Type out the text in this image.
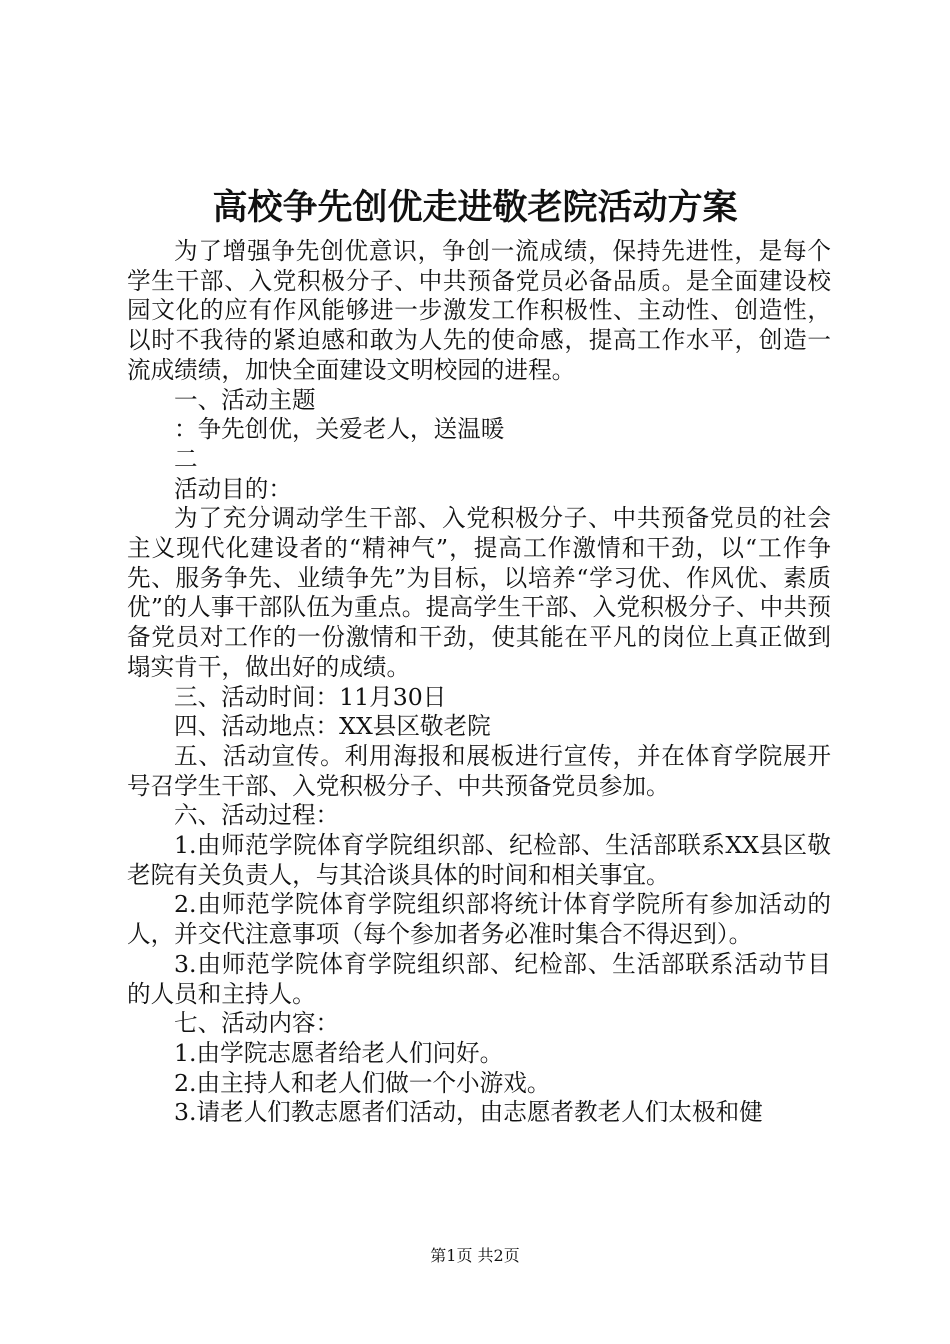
高校争先创优走进敬老院活动方案

为了增强争先创优意识，争创一流成绩，保持先进性，是每个学生干部、入党积极分子、中共预备党员必备品质。是全面建设校园文化的应有作风能够进一步激发工作积极性、主动性、创造性，以时不我待的紧迫感和敢为人先的使命感，提高工作水平，创造一流成绩绩，加快全面建设文明校园的进程。

一、活动主题

：争先创优，关爱老人，送温暖

二

活动目的：

为了充分调动学生干部、入党积极分子、中共预备党员的社会主义现代化建设者的“精神气”，提高工作激情和干劲，以“工作争先、服务争先、业绩争先”为目标，以培养“学习优、作风优、素质优”的人事干部队伍为重点。提高学生干部、入党积极分子、中共预备党员对工作的一份激情和干劲，使其能在平凡的岗位上真正做到塌实肯干，做出好的成绩。

三、活动时间：11月30日

四、活动地点：XX县区敬老院

五、活动宣传。利用海报和展板进行宣传，并在体育学院展开号召学生干部、入党积极分子、中共预备党员参加。

六、活动过程：

1.由师范学院体育学院组织部、纪检部、生活部联系XX县区敬老院有关负责人，与其洽谈具体的时间和相关事宜。

2.由师范学院体育学院组织部将统计体育学院所有参加活动的人，并交代注意事项（每个参加者务必准时集合不得迟到）。

3.由师范学院体育学院组织部、纪检部、生活部联系活动节目的人员和主持人。

七、活动内容：

1.由学院志愿者给老人们问好。

2.由主持人和老人们做一个小游戏。

3.请老人们教志愿者们活动，由志愿者教老人们太极和健

第1页 共2页
